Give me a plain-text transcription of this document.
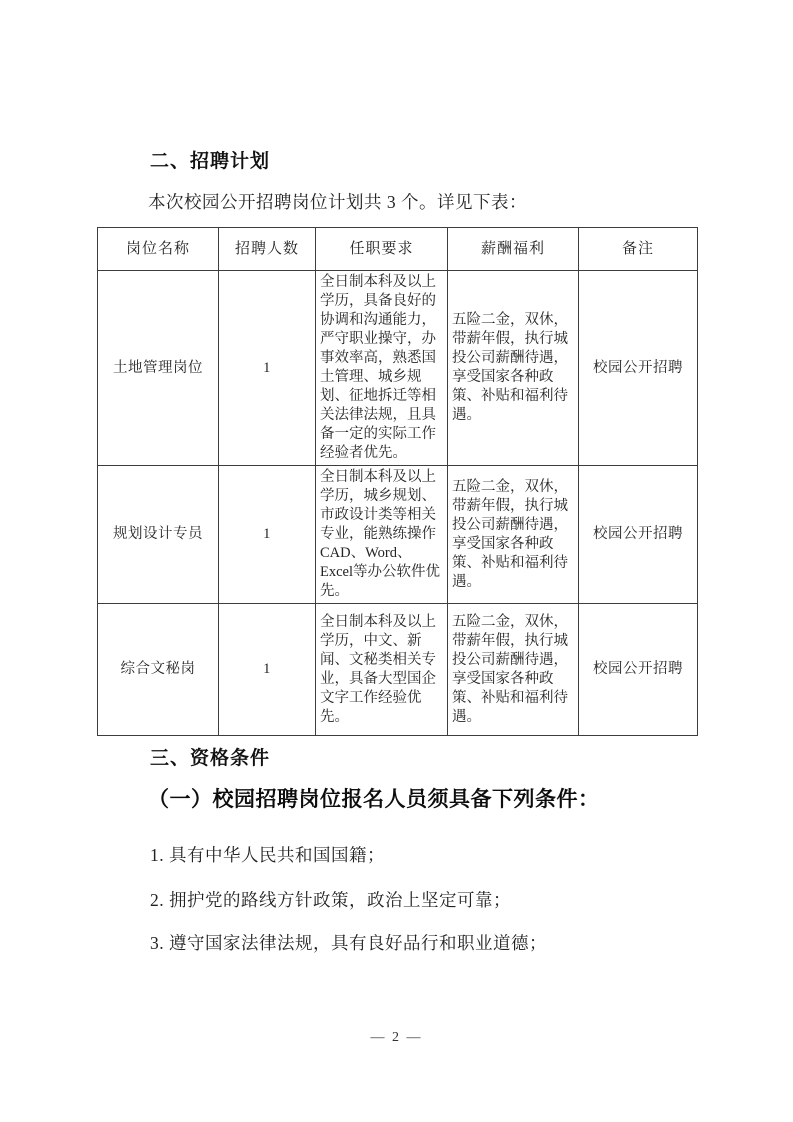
二、招聘计划

本次校园公开招聘岗位计划共 3 个。详见下表：

岗位名称	招聘人数	任职要求	薪酬福利	备注
土地管理岗位	1	全日制本科及以上学历，具备良好的协调和沟通能力，严守职业操守，办事效率高，熟悉国土管理、城乡规划、征地拆迁等相关法律法规，且具备一定的实际工作经验者优先。	五险二金，双休，带薪年假，执行城投公司薪酬待遇，享受国家各种政策、补贴和福利待遇。	校园公开招聘
规划设计专员	1	全日制本科及以上学历，城乡规划、市政设计类等相关专业，能熟练操作CAD、Word、Excel等办公软件优先。	五险二金，双休，带薪年假，执行城投公司薪酬待遇，享受国家各种政策、补贴和福利待遇。	校园公开招聘
综合文秘岗	1	全日制本科及以上学历，中文、新闻、文秘类相关专业，具备大型国企文字工作经验优先。	五险二金，双休，带薪年假，执行城投公司薪酬待遇，享受国家各种政策、补贴和福利待遇。	校园公开招聘
三、资格条件

（一）校园招聘岗位报名人员须具备下列条件：

1. 具有中华人民共和国国籍；

2. 拥护党的路线方针政策，政治上坚定可靠；

3. 遵守国家法律法规，具有良好品行和职业道德；

— 2 —
